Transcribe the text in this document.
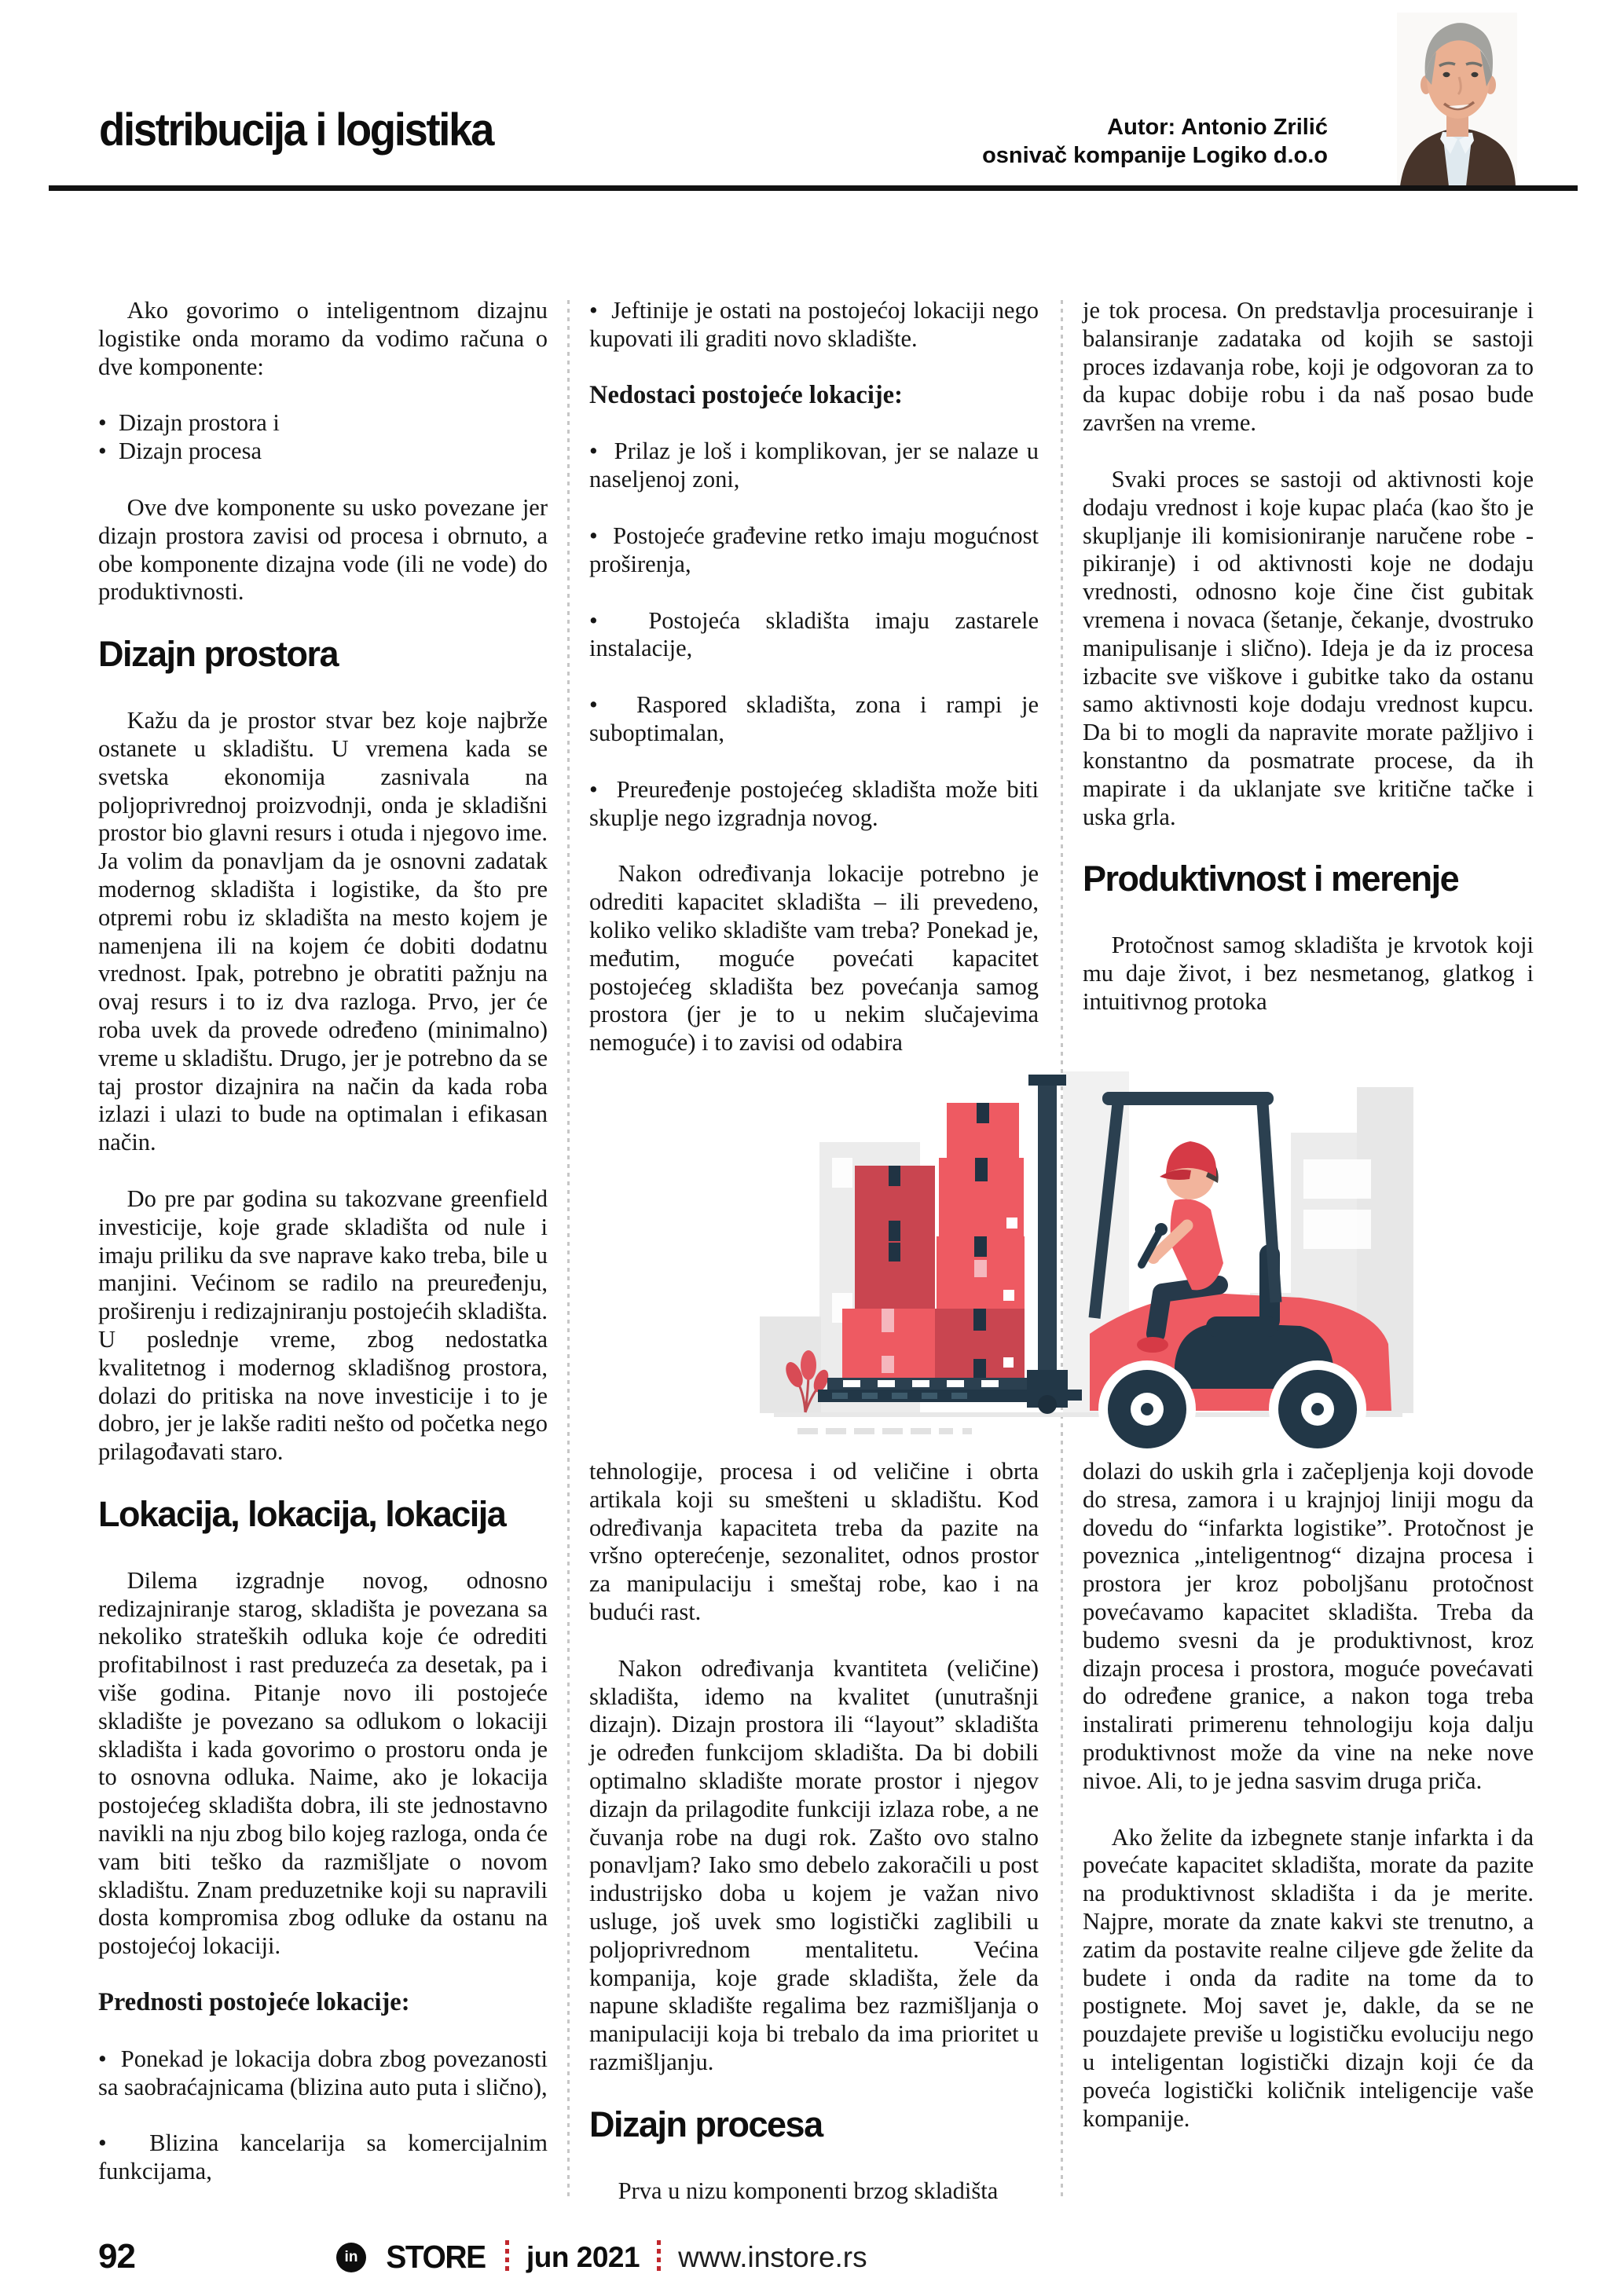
distribucija i logistika	Autor: Antonio Zrilić
osnivač kompanije Logiko d.o.o
Ako govorimo o inteligentnom dizajnu logistike onda moramo da vodimo računa o dve komponente:
•  Dizajn prostora i
•  Dizajn procesa
Ove dve komponente su usko povezane jer dizajn prostora zavisi od procesa i obrnuto, a obe komponente dizajna vode (ili ne vode) do produktivnosti.
Dizajn prostora
Kažu da je prostor stvar bez koje najbrže ostanete u skladištu. U vremena kada se svetska ekonomija zasnivala na poljoprivrednoj proizvodnji, onda je skladišni prostor bio glavni resurs i otuda i njegovo ime. Ja volim da ponavljam da je osnovni zadatak modernog skladišta i logistike, da što pre otpremi robu iz skladišta na mesto kojem je namenjena ili na kojem će dobiti dodatnu vrednost. Ipak, potrebno je obratiti pažnju na ovaj resurs i to iz dva razloga. Prvo, jer će roba uvek da provede određeno (minimalno) vreme u skladištu. Drugo, jer je potrebno da se taj prostor dizajnira na način da kada roba izlazi i ulazi to bude na optimalan i efikasan način.
Do pre par godina su takozvane greenfield investicije, koje grade skladišta od nule i imaju priliku da sve naprave kako treba, bile u manjini. Većinom se radilo na preuređenju, proširenju i redizajniranju postojećih skladišta. U poslednje vreme, zbog nedostatka kvalitetnog i modernog skladišnog prostora, dolazi do pritiska na nove investicije i to je dobro, jer je lakše raditi nešto od početka nego prilagođavati staro.
Lokacija, lokacija, lokacija
Dilema izgradnje novog, odnosno redizajniranje starog, skladišta je povezana sa nekoliko strateških odluka koje će odrediti profitabilnost i rast preduzeća za desetak, pa i više godina. Pitanje novo ili postojeće skladište je povezano sa odlukom o lokaciji skladišta i kada govorimo o prostoru onda je to osnovna odluka. Naime, ako je lokacija postojećeg skladišta dobra, ili ste jednostavno navikli na nju zbog bilo kojeg razloga, onda će vam biti teško da razmišljate o novom skladištu. Znam preduzetnike koji su napravili dosta kompromisa zbog odluke da ostanu na postojećoj lokaciji.
Prednosti postojeće lokacije:
•  Ponekad je lokacija dobra zbog povezanosti sa saobraćajnicama (blizina auto puta i slično),
•  Blizina kancelarija sa komercijalnim funkcijama,
•  Jeftinije je ostati na postojećoj lokaciji nego kupovati ili graditi novo skladište.
Nedostaci postojeće lokacije:
•  Prilaz je loš i komplikovan, jer se nalaze u naseljenoj zoni,
•  Postojeće građevine retko imaju mogućnost proširenja,
•  Postojeća skladišta imaju zastarele instalacije,
•  Raspored skladišta, zona i rampi je suboptimalan,
•  Preuređenje postojećeg skladišta može biti skuplje nego izgradnja novog.
Nakon određivanja lokacije potrebno je odrediti kapacitet skladišta – ili prevedeno, koliko veliko skladište vam treba? Ponekad je, međutim, moguće povećati kapacitet postojećeg skladišta bez povećanja samog prostora (jer je to u nekim slučajevima nemoguće) i to zavisi od odabira
tehnologije, procesa i od veličine i obrta artikala koji su smešteni u skladištu. Kod određivanja kapaciteta treba da pazite na vršno opterećenje, sezonalitet, odnos prostor za manipulaciju i smeštaj robe, kao i na budući rast.
Nakon određivanja kvantiteta (veličine) skladišta, idemo na kvalitet (unutrašnji dizajn). Dizajn prostora ili “layout” skladišta je određen funkcijom skladišta. Da bi dobili optimalno skladište morate prostor i njegov dizajn da prilagodite funkciji izlaza robe, a ne čuvanja robe na dugi rok. Zašto ovo stalno ponavljam? Iako smo debelo zakoračili u post industrijsko doba u kojem je važan nivo usluge, još uvek smo logistički zaglibili u poljoprivrednom mentalitetu. Većina kompanija, koje grade skladišta, žele da napune skladište regalima bez razmišljanja o manipulaciji koja bi trebalo da ima prioritet u razmišljanju.
Dizajn procesa
Prva u nizu komponenti brzog skladišta
je tok procesa. On predstavlja procesuiranje i balansiranje zadataka od kojih se sastoji proces izdavanja robe, koji je odgovoran za to da kupac dobije robu i da naš posao bude završen na vreme.
Svaki proces se sastoji od aktivnosti koje dodaju vrednost i koje kupac plaća (kao što je skupljanje ili komisioniranje naručene robe - pikiranje) i od aktivnosti koje ne dodaju vrednosti, odnosno koje čine čist gubitak vremena i novaca (šetanje, čekanje, dvostruko manipulisanje i slično). Ideja je da iz procesa izbacite sve viškove i gubitke tako da ostanu samo aktivnosti koje dodaju vrednost kupcu. Da bi to mogli da napravite morate pažljivo i konstantno da posmatrate procese, da ih mapirate i da uklanjate sve kritične tačke i uska grla.
Produktivnost i merenje
Protočnost samog skladišta je krvotok koji mu daje život, i bez nesmetanog, glatkog i intuitivnog protoka
dolazi do uskih grla i začepljenja koji dovode do stresa, zamora i u krajnjoj liniji mogu da dovedu do “infarkta logistike”. Protočnost je poveznica „inteligentnog“ dizajna procesa i prostora jer kroz poboljšanu protočnost povećavamo kapacitet skladišta. Treba da budemo svesni da je produktivnost, kroz dizajn procesa i prostora, moguće povećavati do određene granice, a nakon toga treba instalirati primerenu tehnologiju koja dalju produktivnost može da vine na neke nove nivoe. Ali, to je jedna sasvim druga priča.
Ako želite da izbegnete stanje infarkta i da povećate kapacitet skladišta, morate da pazite na produktivnost skladišta i da je merite. Najpre, morate da znate kakvi ste trenutno, a zatim da postavite realne ciljeve gde želite da budete i onda da radite na tome da to postignete. Moj savet je, dakle, da se ne pouzdajete previše u logističku evoluciju nego u inteligentan logistički dizajn koji će da poveća logistički količnik inteligencije vaše kompanije.
92	in STORE jun 2021 www.instore.rs
